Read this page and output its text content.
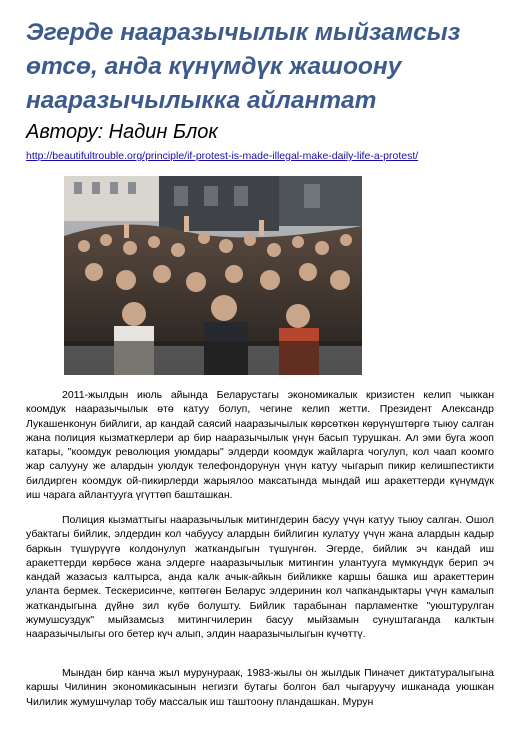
Эгерде нааразычылык мыйзамсыз өтсө, анда күнүмдүк жашоону нааразычылыкка айлантат

Автору: Надин Блок

http://beautifultrouble.org/principle/if-protest-is-made-illegal-make-daily-life-a-protest/

2011-жылдын июль айында Беларустагы экономикалык кризистен келип чыккан коомдук нааразычылык өтө катуу болуп, чегине келип жетти. Президент Александр Лукашенконун бийлиги, ар кандай саясий нааразычылык көрсөткөн көрүнүштөргө тыюу салган жана полиция кызматкерлери ар бир нааразычылык үнүн басып турушкан. Ал эми буга жооп катары, "коомдук революция уюмдары" элдерди коомдук жайларга чогулуп, кол чаап коомго жар салууну же алардын уюлдук телефондорунун үнүн катуу чыгарып пикир келишпестикти билдирген коомдук ой-пикирлерди жарыялоо максатында мындай иш аракеттерди күнүмдүк иш чарага айлантууга үгүттөп башташкан.

Полиция кызматтыгы нааразычылык митингдерин басуу үчүн катуу тыюу салган. Ошол убактагы бийлик, элдердин кол чабуусу алардын бийлигин кулатуу үчүн жана алардын кадыр баркын түшүрүүгө колдонулуп жаткандыгын түшүнгөн. Эгерде, бийлик эч кандай иш аракеттерди көрбөсө жана элдерге нааразычылык митингин улантууга мүмкүндүк берип эч кандай жазасыз калтырса, анда калк ачык-айкын бийликке каршы башка иш аракеттерин уланта бермек. Тескерисинче, көптөгөн Беларус элдеринин кол чапкандыктары үчүн камалып жаткандыгына дүйнө зил күбө болушту. Бийлик тарабынан парламентке "уюштурулган жумушсуздук" мыйзамсыз митингчилерин басуу мыйзамын сунуштаганда калктын нааразычылыгы ого бетер күч алып, элдин нааразычылыгын күчөттү.

Мындан бир канча жыл мурунураак, 1983-жылы он жылдык Пиначет диктатуралыгына каршы Чилинин экономикасынын негизги бутагы болгон бал чыгаруучу ишканада уюшкан Чилилик жумушчулар тобу массалык иш таштоону пландашкан. Мурун
